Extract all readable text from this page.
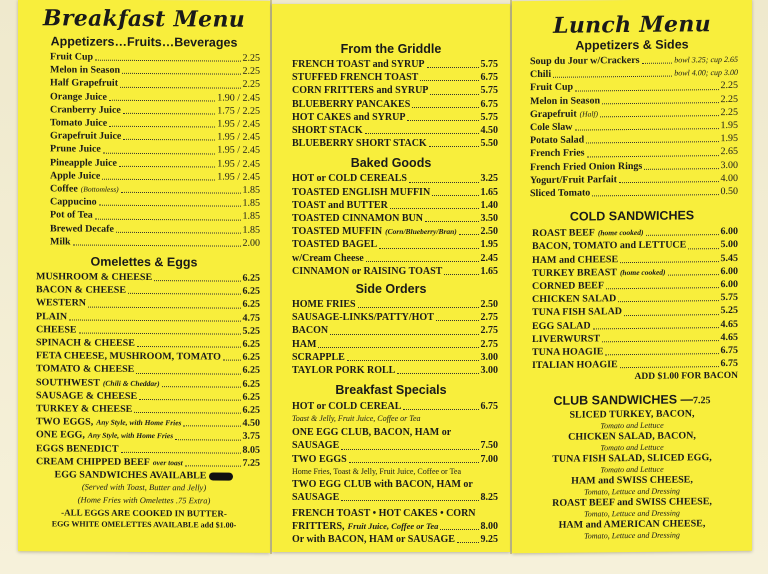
Breakfast Menu
Appetizers…Fruits…Beverages
Fruit Cup	2.25
Melon in Season	2.25
Half Grapefruit	2.25
Orange Juice	1.90 / 2.45
Cranberry Juice	1.75 / 2.25
Tomato Juice	1.95 / 2.45
Grapefruit Juice	1.95 / 2.45
Prune Juice	1.95 / 2.45
Pineapple Juice	1.95 / 2.45
Apple Juice	1.95 / 2.45
Coffee (Bottomless)	1.85
Cappucino	1.85
Pot of Tea	1.85
Brewed Decafe	1.85
Milk	2.00
Omelettes & Eggs
MUSHROOM & CHEESE	6.25
BACON & CHEESE	6.25
WESTERN	6.25
PLAIN	4.75
CHEESE	5.25
SPINACH & CHEESE	6.25
FETA CHEESE, MUSHROOM, TOMATO 6.25
TOMATO & CHEESE	6.25
SOUTHWEST (Chili & Cheddar)	6.25
SAUSAGE & CHEESE	6.25
TURKEY & CHEESE	6.25
TWO EGGS, Any Style, with Home Fries	4.50
ONE EGG, Any Style, with Home Fries	3.75
EGGS BENEDICT	8.05
CREAM CHIPPED BEEF over toast	7.25
EGG SANDWICHES AVAILABLE
(Served with Toast, Butter and Jelly)
(Home Fries with Omelettes .75 Extra)
-ALL EGGS ARE COOKED IN BUTTER-
EGG WHITE OMELETTES AVAILABLE add $1.00-
From the Griddle
FRENCH TOAST and SYRUP	5.75
STUFFED FRENCH TOAST	6.75
CORN FRITTERS and SYRUP	5.75
BLUEBERRY PANCAKES	6.75
HOT CAKES and SYRUP	5.75
SHORT STACK	4.50
BLUEBERRY SHORT STACK	5.50
Baked Goods
HOT or COLD CEREALS	3.25
TOASTED ENGLISH MUFFIN	1.65
TOAST and BUTTER	1.40
TOASTED CINNAMON BUN	3.50
TOASTED MUFFIN (Corn/Blueberry/Bran) 2.50
TOASTED BAGEL	1.95
w/Cream Cheese	2.45
CINNAMON or RAISING TOAST	1.65
Side Orders
HOME FRIES	2.50
SAUSAGE-LINKS/PATTY/HOT	2.75
BACON	2.75
HAM	2.75
SCRAPPLE	3.00
TAYLOR PORK ROLL	3.00
Breakfast Specials
HOT or COLD CEREAL	6.75
Toast & Jelly, Fruit Juice, Coffee or Tea
ONE EGG CLUB, BACON, HAM or
SAUSAGE	7.50
TWO EGGS	7.00
Home Fries, Toast & Jelly, Fruit Juice, Coffee or Tea
TWO EGG CLUB with BACON, HAM or
SAUSAGE	8.25
FRENCH TOAST • HOT CAKES • CORN
FRITTERS, Fruit Juice, Coffee or Tea	8.00
Or with BACON, HAM or SAUSAGE	9.25
Lunch Menu
Appetizers & Sides
Soup du Jour w/Crackers	bowl 3.25; cup 2.65
Chili	bowl 4.00; cup 3.00
Fruit Cup	2.25
Melon in Season	2.25
Grapefruit (Half)	2.25
Cole Slaw	1.95
Potato Salad	1.95
French Fries	2.65
French Fried Onion Rings	3.00
Yogurt/Fruit Parfait	4.00
Sliced Tomato	0.50
COLD SANDWICHES
ROAST BEEF (home cooked)	6.00
BACON, TOMATO and LETTUCE	5.00
HAM and CHEESE	5.45
TURKEY BREAST (home cooked)	6.00
CORNED BEEF	6.00
CHICKEN SALAD	5.75
TUNA FISH SALAD	5.25
EGG SALAD	4.65
LIVERWURST	4.65
TUNA HOAGIE	6.75
ITALIAN HOAGIE	6.75
ADD $1.00 FOR BACON
CLUB SANDWICHES —7.25
SLICED TURKEY, BACON,
Tomato and Lettuce
CHICKEN SALAD, BACON,
Tomato and Lettuce
TUNA FISH SALAD, SLICED EGG,
Tomato and Lettuce
HAM and SWISS CHEESE,
Tomato, Lettuce and Dressing
ROAST BEEF and SWISS CHEESE,
Tomato, Lettuce and Dressing
HAM and AMERICAN CHEESE,
Tomato, Lettuce and Dressing
